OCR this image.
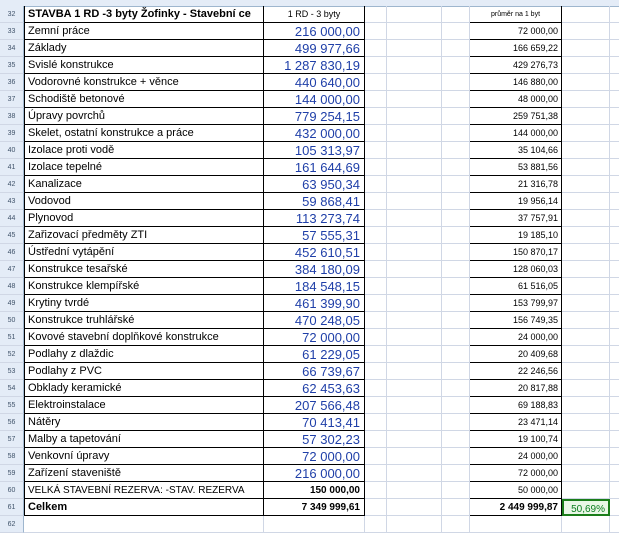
32	STAVBA 1 RD -3 byty Žofinky - Stavební ce	1 RD - 3 byty	průměr na 1 byt
33	Zemní práce	216 000,00	72 000,00
34	Základy	499 977,66	166 659,22
35	Svislé konstrukce	1 287 830,19	429 276,73
36	Vodorovné konstrukce + věnce	440 640,00	146 880,00
37	Schodiště betonové	144 000,00	48 000,00
38	Úpravy povrchů	779 254,15	259 751,38
39	Skelet, ostatní konstrukce a práce	432 000,00	144 000,00
40	Izolace proti vodě	105 313,97	35 104,66
41	Izolace tepelné	161 644,69	53 881,56
42	Kanalizace	63 950,34	21 316,78
43	Vodovod	59 868,41	19 956,14
44	Plynovod	113 273,74	37 757,91
45	Zařizovací předměty ZTI	57 555,31	19 185,10
46	Ústřední vytápění	452 610,51	150 870,17
47	Konstrukce tesařské	384 180,09	128 060,03
48	Konstrukce klempířské	184 548,15	61 516,05
49	Krytiny tvrdé	461 399,90	153 799,97
50	Konstrukce truhlářské	470 248,05	156 749,35
51	Kovové stavební doplňkové konstrukce	72 000,00	24 000,00
52	Podlahy z dlaždic	61 229,05	20 409,68
53	Podlahy z PVC	66 739,67	22 246,56
54	Obklady keramické	62 453,63	20 817,88
55	Elektroinstalace	207 566,48	69 188,83
56	Nátěry	70 413,41	23 471,14
57	Malby a tapetování	57 302,23	19 100,74
58	Venkovní úpravy	72 000,00	24 000,00
59	Zařízení staveniště	216 000,00	72 000,00
60	VELKÁ STAVEBNÍ REZERVA: -STAV. REZERVA	150 000,00	50 000,00
61	Celkem	7 349 999,61	2 449 999,87	50,69%
62
